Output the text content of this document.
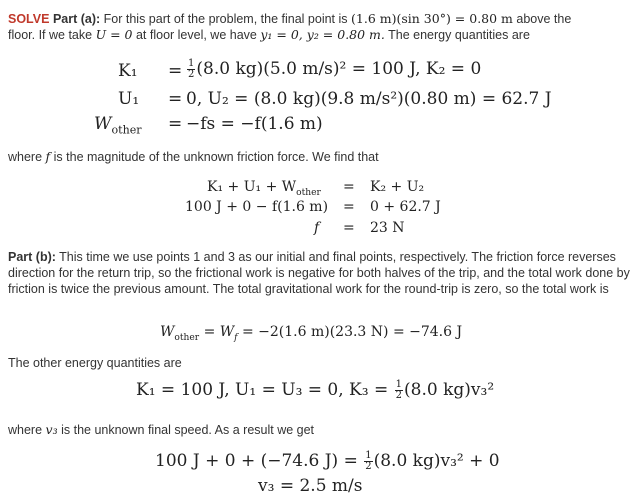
SOLVE Part (a): For this part of the problem, the final point is (1.6 m)(sin 30°) = 0.80 m above the
floor. If we take U = 0 at floor level, we have y₁ = 0, y₂ = 0.80 m. The energy quantities are
$K_1 = \frac{1}{2} (8.0$ kg)(5.0 m/s)² = 100 J, K₂ = 0
U₁ = 0, U₂ = (8.0 kg)(9.8 m/s²)(0.80 m) = 62.7 J
$W_{other} = -fs = -f(1.6$ m)
where f is the magnitude of the unknown friction force. We find that
$K_1 + U_1 + W_{other} = K_2 + U_2$
100 J + 0 − f(1.6 m) = 0 + 62.7 J
f = 23 N
Part (b): This time we use points 1 and 3 as our initial and final points, respectively. The friction force reverses direction for the return trip, so the frictional work is negative for both halves of the trip, and the total work done by friction is twice the previous amount. The total gravitational work for the round-trip is zero, so the total work is
$W_{other} = W_f = -2(1.6$ m)(23.3 N) = −74.6 J
The other energy quantities are
K₁ = 100 J, U₁ = U₃ = 0, $K_3 = \frac{1}{2} (8.0$ kg)v₃²
where v₃ is the unknown final speed. As a result we get
100 J + 0 + (−74.6 $J) = \frac{1}{2} (8.0$ kg)v₃² + 0
v₃ = 2.5 m/s
